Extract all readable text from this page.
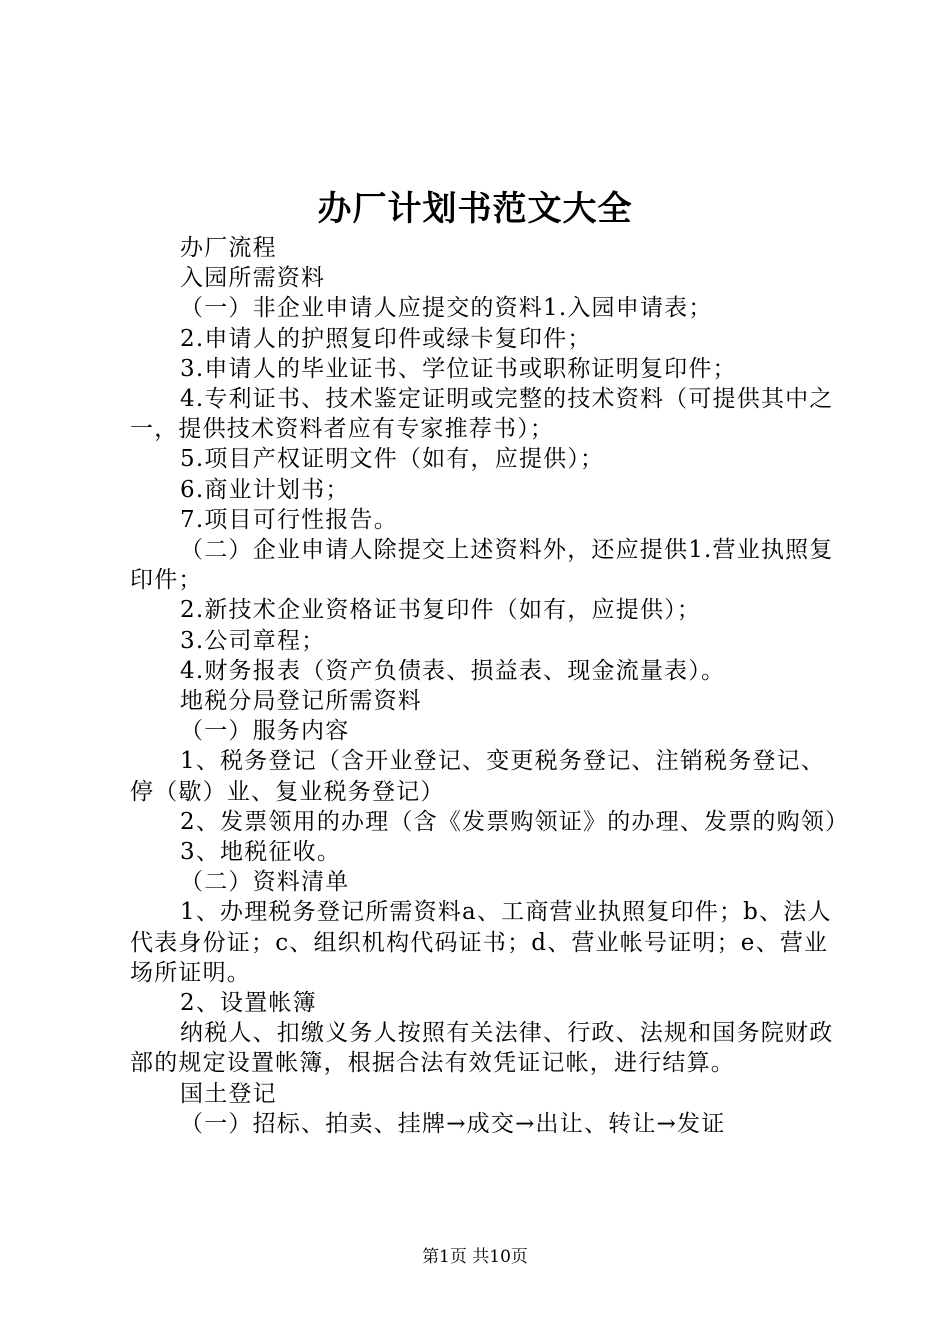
办厂计划书范文大全

办厂流程

入园所需资料

（一）非企业申请人应提交的资料1.入园申请表；

2.申请人的护照复印件或绿卡复印件；

3.申请人的毕业证书、学位证书或职称证明复印件；

4.专利证书、技术鉴定证明或完整的技术资料（可提供其中之一，提供技术资料者应有专家推荐书）；

5.项目产权证明文件（如有，应提供）；

6.商业计划书；

7.项目可行性报告。

（二）企业申请人除提交上述资料外，还应提供1.营业执照复印件；

2.新技术企业资格证书复印件（如有，应提供）；

3.公司章程；

4.财务报表（资产负债表、损益表、现金流量表）。

地税分局登记所需资料

（一）服务内容

1、税务登记（含开业登记、变更税务登记、注销税务登记、停（歇）业、复业税务登记）

2、发票领用的办理（含《发票购领证》的办理、发票的购领）

3、地税征收。

（二）资料清单

1、办理税务登记所需资料a、工商营业执照复印件；b、法人代表身份证；c、组织机构代码证书；d、营业帐号证明；e、营业场所证明。

2、设置帐簿

纳税人、扣缴义务人按照有关法律、行政、法规和国务院财政部的规定设置帐簿，根据合法有效凭证记帐，进行结算。

国土登记

（一）招标、拍卖、挂牌→成交→出让、转让→发证

第1页 共10页
